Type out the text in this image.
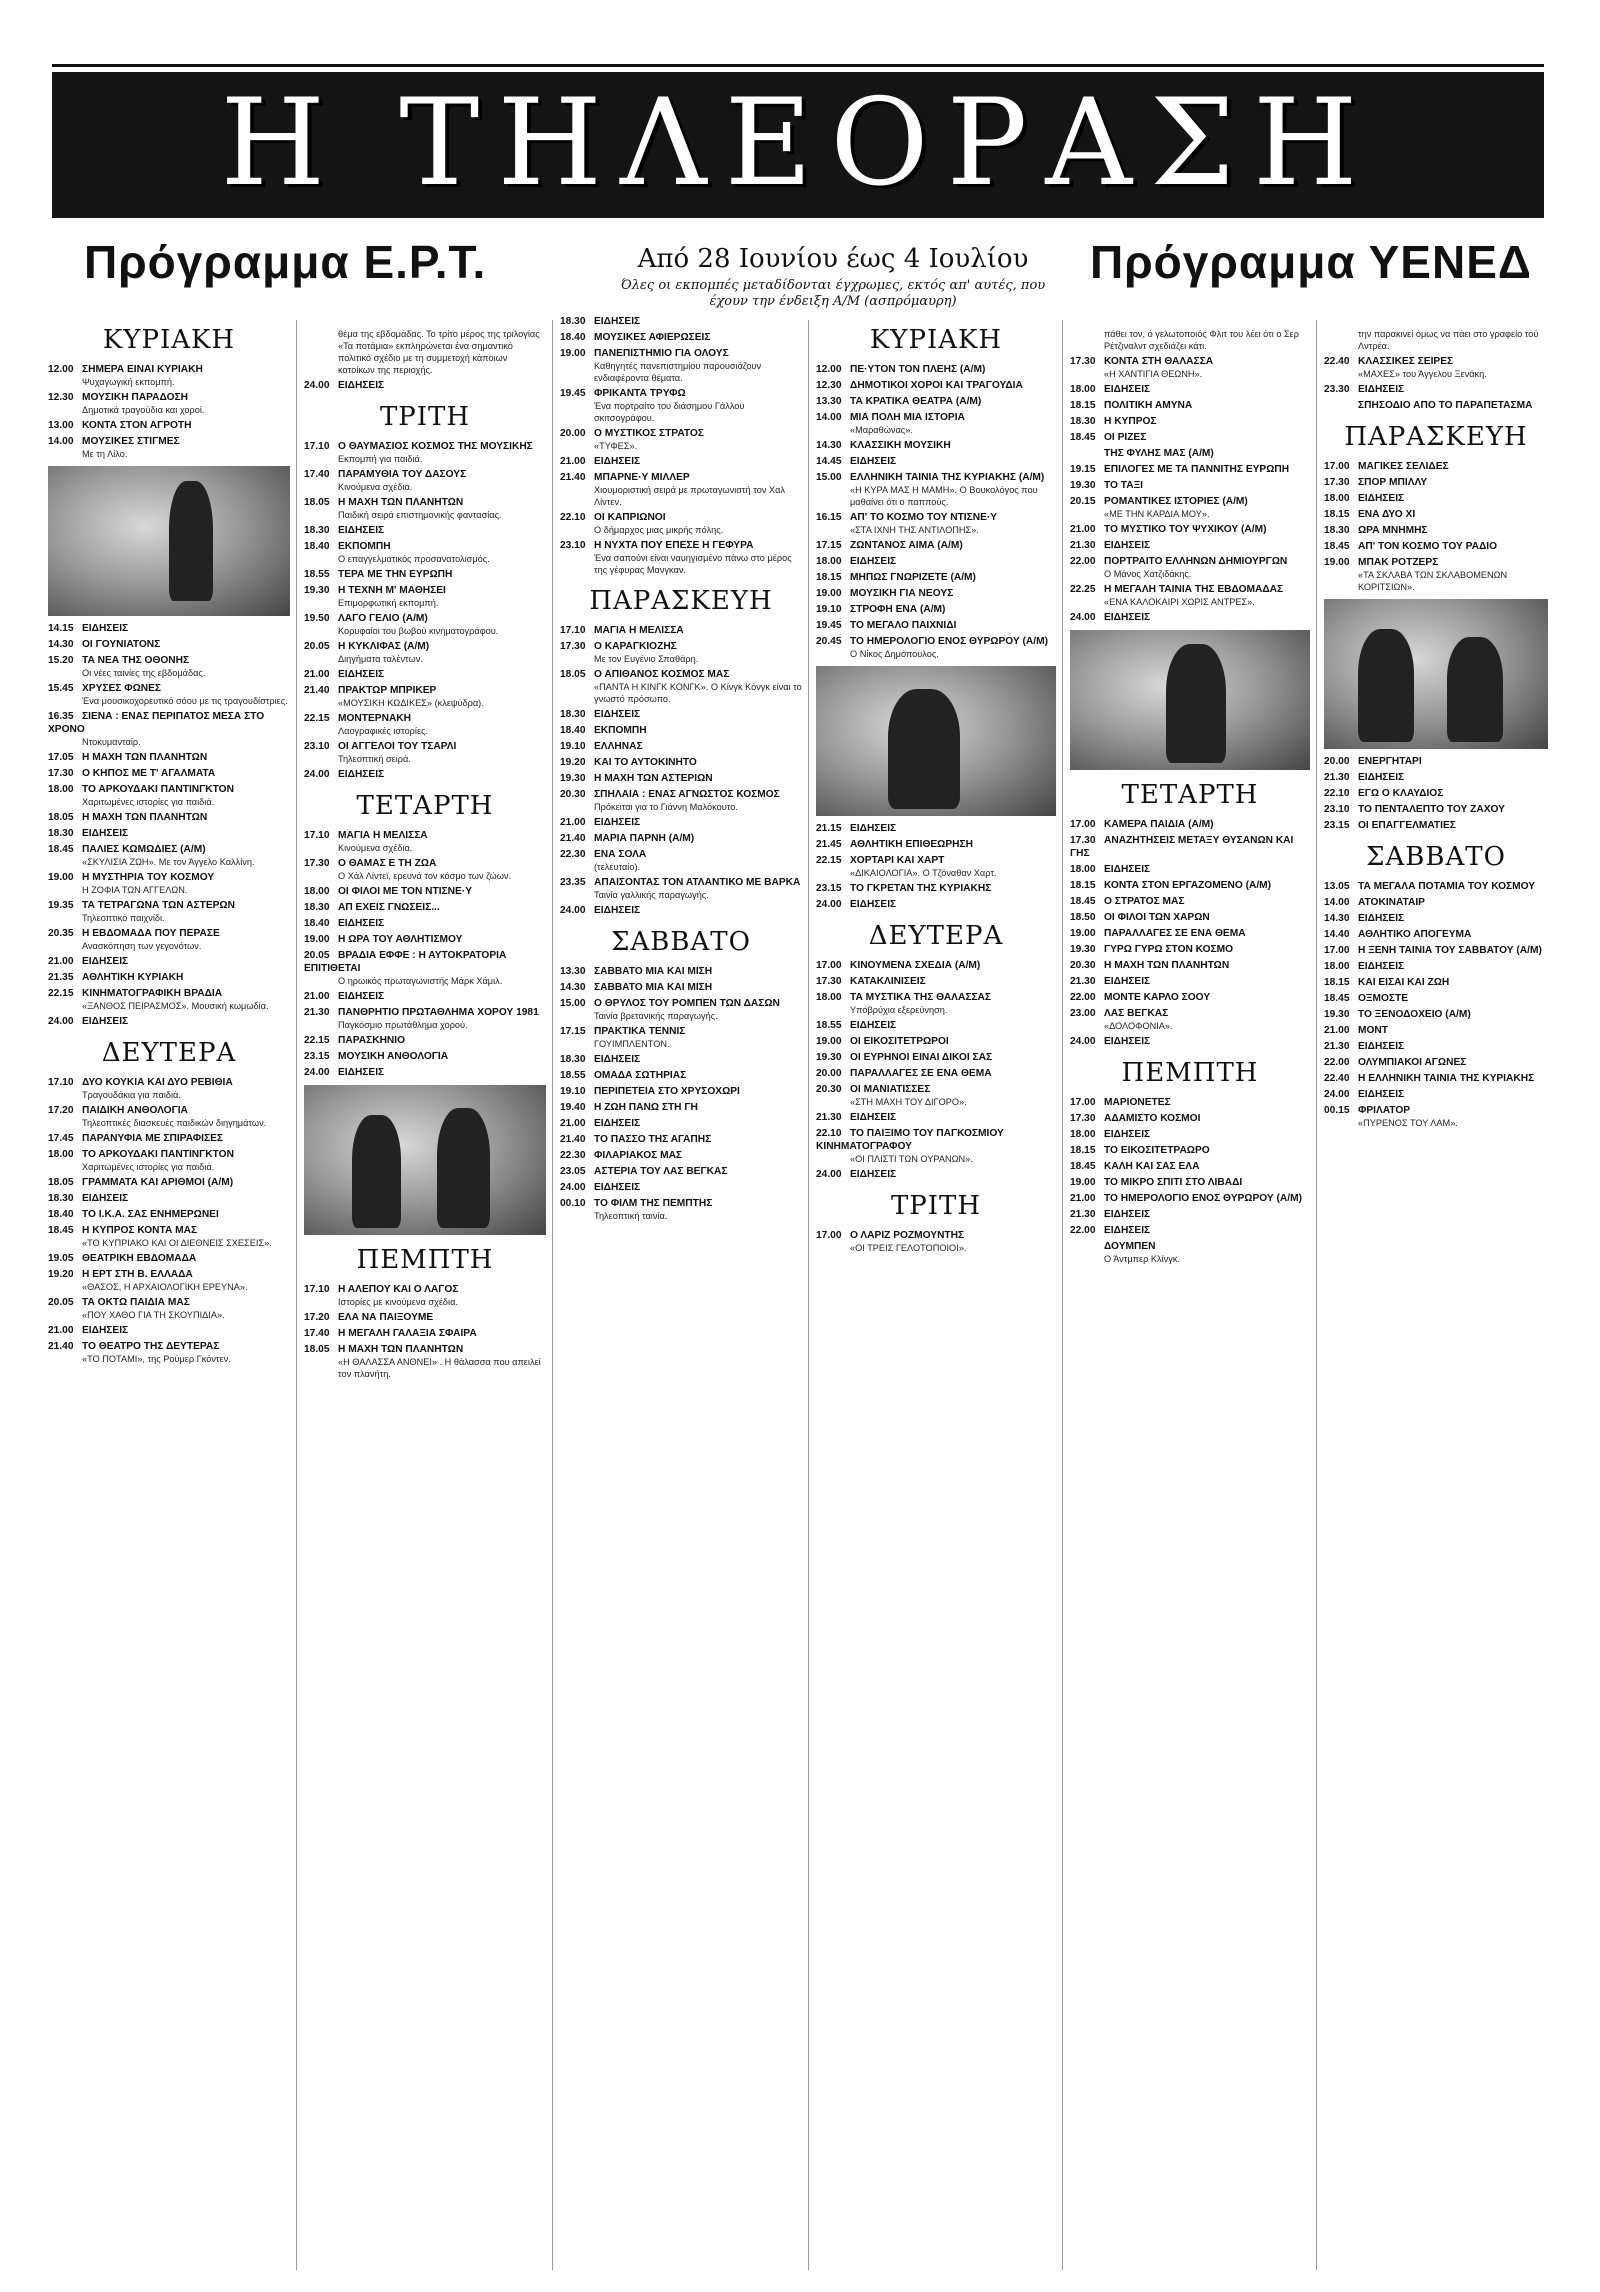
Η ΤΗΛΕΟΡΑΣΗ
Πρόγραμμα Ε.Ρ.Τ.	Από 28 Ιουνίου έως 4 Ιουλίου
Όλες οι εκπομπές μεταδίδονται έγχρωμες, εκτός απ' αυτές, που έχουν την ένδειξη Α/Μ (ασπρόμαυρη)
Πρόγραμμα ΥΕΝΕΔ
ΚΥΡΙΑΚΗ
12.00 ΣΗΜΕΡΑ ΕΙΝΑΙ ΚΥΡΙΑΚΗ
Ψυχαγωγική εκπομπή.
12.30 ΜΟΥΣΙΚΗ ΠΑΡΑΔΟΣΗ
Δημοτικά τραγούδια και χοροί.
13.00 ΚΟΝΤΑ ΣΤΟΝ ΑΓΡΟΤΗ
14.00 ΜΟΥΣΙΚΕΣ ΣΤΙΓΜΕΣ
Με τη Λίλο.
14.15 ΕΙΔΗΣΕΙΣ
14.30 ΟΙ ΓΟΥΝΙΑΤΟΝΣ
15.20 ΤΑ ΝΕΑ ΤΗΣ ΟΘΟΝΗΣ
Οι νέες ταινίες της εβδομάδας.
15.45 ΧΡΥΣΕΣ ΦΩΝΕΣ
Ένα μουσικοχορευτικό σόου με τις τραγουδίστριες.
16.35 ΣΙΕΝΑ : ΕΝΑΣ ΠΕΡΙΠΑΤΟΣ ΜΕΣΑ ΣΤΟ ΧΡΟΝΟ
Ντοκυμανταίρ.
17.05 Η ΜΑΧΗ ΤΩΝ ΠΛΑΝΗΤΩΝ
17.30 Ο ΚΗΠΟΣ ΜΕ Τ' ΑΓΑΛΜΑΤΑ
18.00 ΤΟ ΑΡΚΟΥΔΑΚΙ ΠΑΝΤΙΝΓΚΤΟΝ
Χαριτωμένες ιστορίες για παιδιά.
18.05 Η ΜΑΧΗ ΤΩΝ ΠΛΑΝΗΤΩΝ
18.30 ΕΙΔΗΣΕΙΣ
18.45 ΠΑΛΙΕΣ ΚΩΜΩΔΙΕΣ (Α/Μ)
«ΣΚΥΛΙΣΙΑ ΖΩΗ». Με τον Άγγελο Καλλίνη.
19.00 Η ΜΥΣΤΗΡΙΑ ΤΟΥ ΚΟΣΜΟΥ
Η ΖΟΦΙΑ ΤΩΝ ΑΓΓΕΛΩΝ.
19.35 ΤΑ ΤΕΤΡΑΓΩΝΑ ΤΩΝ ΑΣΤΕΡΩΝ
Τηλεοπτικό παιχνίδι.
20.35 Η ΕΒΔΟΜΑΔΑ ΠΟΥ ΠΕΡΑΣΕ
Ανασκόπηση των γεγονότων.
21.00 ΕΙΔΗΣΕΙΣ
21.35 ΑΘΛΗΤΙΚΗ ΚΥΡΙΑΚΗ
22.15 ΚΙΝΗΜΑΤΟΓΡΑΦΙΚΗ ΒΡΑΔΙΑ
«ΞΑΝΘΟΣ ΠΕΙΡΑΣΜΟΣ». Μουσική κωμωδία.
24.00 ΕΙΔΗΣΕΙΣ
ΔΕΥΤΕΡΑ
17.10 ΔΥΟ ΚΟΥΚΙΑ ΚΑΙ ΔΥΟ ΡΕΒΙΘΙΑ
Τραγουδάκια για παιδιά.
17.20 ΠΑΙΔΙΚΗ ΑΝΘΟΛΟΓΙΑ
Τηλεοπτικές διασκευές παιδικών διηγημάτων.
17.45 ΠΑΡΑΝΥΦΙΑ ΜΕ ΣΠΙΡΑΦΙΣΕΣ
18.00 ΤΟ ΑΡΚΟΥΔΑΚΙ ΠΑΝΤΙΝΓΚΤΟΝ
Χαριτωμένες ιστορίες για παιδιά.
18.05 ΓΡΑΜΜΑΤΑ ΚΑΙ ΑΡΙΘΜΟΙ (Α/Μ)
18.30 ΕΙΔΗΣΕΙΣ
18.40 ΤΟ Ι.Κ.Α. ΣΑΣ ΕΝΗΜΕΡΩΝΕΙ
18.45 Η ΚΥΠΡΟΣ ΚΟΝΤΑ ΜΑΣ
«ΤΟ ΚΥΠΡΙΑΚΟ ΚΑΙ ΟΙ ΔΙΕΘΝΕΙΣ ΣΧΕΣΕΙΣ».
19.05 ΘΕΑΤΡΙΚΗ ΕΒΔΟΜΑΔΑ
19.20 Η ΕΡΤ ΣΤΗ Β. ΕΛΛΑΔΑ
«ΘΑΣΟΣ, Η ΑΡΧΑΙΟΛΟΓΙΚΗ ΕΡΕΥΝΑ».
20.05 ΤΑ ΟΚΤΩ ΠΑΙΔΙΑ ΜΑΣ
«ΠΟΥ ΧΑΘΟ ΓΙΑ ΤΗ ΣΚΟΥΠΙΔΙΑ».
21.00 ΕΙΔΗΣΕΙΣ
21.40 ΤΟ ΘΕΑΤΡΟ ΤΗΣ ΔΕΥΤΕΡΑΣ
«ΤΟ ΠΟΤΑΜΙ», της Ρούμερ Γκόντεν.
θέμα της εβδομάδας. Το τρίτο μέρος της τριλογίας «Τα ποτάμια» εκπληρώνεται ένα σημαντικό πολιτικό σχέδιο με τη συμμετοχή κάποιων κατοίκων της περιοχής.
24.00 ΕΙΔΗΣΕΙΣ
ΤΡΙΤΗ
17.10 Ο ΘΑΥΜΑΣΙΟΣ ΚΟΣΜΟΣ ΤΗΣ ΜΟΥΣΙΚΗΣ
Εκπομπή για παιδιά.
17.40 ΠΑΡΑΜΥΘΙΑ ΤΟΥ ΔΑΣΟΥΣ
Κινούμενα σχέδια.
18.05 Η ΜΑΧΗ ΤΩΝ ΠΛΑΝΗΤΩΝ
Παιδική σειρά επιστημονικής φαντασίας.
18.30 ΕΙΔΗΣΕΙΣ
18.40 ΕΚΠΟΜΠΗ
Ο επαγγελματικός προσανατολισμός.
18.55 ΤΕΡΑ ΜΕ ΤΗΝ ΕΥΡΩΠΗ
19.30 Η ΤΕΧΝΗ Μ' ΜΑΘΗΣΕΙ
Επιμορφωτική εκπομπή.
19.50 ΛΑΓΟ ΓΕΛΙΟ (Α/Μ)
Κορυφαίοι του βωβού κινηματογράφου.
20.05 Η ΚΥΚΛΙΦΑΣ (Α/Μ)
Διηγήματα ταλέντων.
21.00 ΕΙΔΗΣΕΙΣ
21.40 ΠΡΑΚΤΩΡ ΜΠΡΙΚΕΡ
«ΜΟΥΣΙΚΗ ΚΩΔΙΚΕΣ» (κλεψύδρα).
22.15 ΜΟΝΤΕΡΝΑΚΗ
Λαογραφικές ιστορίες.
23.10 ΟΙ ΑΓΓΕΛΟΙ ΤΟΥ ΤΣΑΡΛΙ
Τηλεοπτική σειρά.
24.00 ΕΙΔΗΣΕΙΣ
ΤΕΤΑΡΤΗ
17.10 ΜΑΓΙΑ Η ΜΕΛΙΣΣΑ
Κινούμενα σχέδια.
17.30 Ο ΘΑΜΑΣ Ε ΤΗ ΖΩΑ
Ο Χάλ Λίντεϊ, ερευνά τον κόσμο των ζώων.
18.00 ΟΙ ΦΙΛΟΙ ΜΕ ΤΟΝ ΝΤΙΣΝΕ·Υ
18.30 ΑΠ ΕΧΕΙΣ ΓΝΩΣΕΙΣ...
18.40 ΕΙΔΗΣΕΙΣ
19.00 Η ΩΡΑ ΤΟΥ ΑΘΛΗΤΙΣΜΟΥ
20.05 ΒΡΑΔΙΑ ΕΦΦΕ : Η ΑΥΤΟΚΡΑΤΟΡΙΑ ΕΠΙΤΙΘΕΤΑΙ
Ο ηρωικός πρωταγωνιστής Μάρκ Χάμιλ.
21.00 ΕΙΔΗΣΕΙΣ
21.30 ΠΑΝΘΡΗΤΙΟ ΠΡΩΤΑΘΛΗΜΑ ΧΟΡΟΥ 1981
Παγκόσμιο πρωτάθλημα χορού.
22.15 ΠΑΡΑΣΚΗΝΙΟ
23.15 ΜΟΥΣΙΚΗ ΑΝΘΟΛΟΓΙΑ
24.00 ΕΙΔΗΣΕΙΣ
ΠΕΜΠΤΗ
17.10 Η ΑΛΕΠΟΥ ΚΑΙ Ο ΛΑΓΟΣ
Ιστορίες με κινούμενα σχέδια.
17.20 ΕΛΑ ΝΑ ΠΑΙΞΟΥΜΕ
17.40 Η ΜΕΓΑΛΗ ΓΑΛΑΞΙΑ ΣΦΑΙΡΑ
18.05 Η ΜΑΧΗ ΤΩΝ ΠΛΑΝΗΤΩΝ
«Η ΘΑΛΑΣΣΑ ΑΝΘΝΕΙ» . Η θάλασσα που απειλεί τον πλανήτη.
18.30 ΕΙΔΗΣΕΙΣ
18.40 ΜΟΥΣΙΚΕΣ ΑΦΙΕΡΩΣΕΙΣ
19.00 ΠΑΝΕΠΙΣΤΗΜΙΟ ΓΙΑ ΟΛΟΥΣ
Καθηγητές πανεπιστημίου παρουσιάζουν ενδιαφέροντα θέματα.
19.45 ΦΡΙΚΑΝΤΑ ΤΡΥΦΩ
Ένα πορτραίτο του διάσημου Γάλλου σκιτσογράφου.
20.00 Ο ΜΥΣΤΙΚΟΣ ΣΤΡΑΤΟΣ
«ΤΥΦΕΣ».
21.00 ΕΙΔΗΣΕΙΣ
21.40 ΜΠΑΡΝΕ·Υ ΜΙΛΛΕΡ
Χιουμοριστική σειρά με πρωταγωνιστή τον Χαλ Λίντεν.
22.10 ΟΙ ΚΑΠΡΙΩΝΟΙ
Ο δήμαρχος μιας μικρής πόλης.
23.10 Η ΝΥΧΤΑ ΠΟΥ ΕΠΕΣΕ Η ΓΕΦΥΡΑ
Ένα σαπούνι είναι ναυηγισμένο πάνω στο μέρος της γέφυρας Μανγκαν.
ΠΑΡΑΣΚΕΥΗ
17.10 ΜΑΓΙΑ Η ΜΕΛΙΣΣΑ
17.30 Ο ΚΑΡΑΓΚΙΟΖΗΣ
Με τον Ευγένιο Σπαθάρη.
18.05 Ο ΑΠΙΘΑΝΟΣ ΚΟΣΜΟΣ ΜΑΣ
«ΠΑΝΤΑ Η ΚΙΝΓΚ ΚΟΝΓΚ». Ο Κίνγκ Κόνγκ είναι το γνωστό πρόσωπο.
18.30 ΕΙΔΗΣΕΙΣ
18.40 ΕΚΠΟΜΠΗ
19.10 ΕΛΛΗΝΑΣ
19.20 ΚΑΙ ΤΟ ΑΥΤΟΚΙΝΗΤΟ
19.30 Η ΜΑΧΗ ΤΩΝ ΑΣΤΕΡΙΩΝ
20.30 ΣΠΗΛΑΙΑ : ΕΝΑΣ ΑΓΝΩΣΤΟΣ ΚΟΣΜΟΣ
Πρόκειται για το Γιάννη Μαλόκουτο.
21.00 ΕΙΔΗΣΕΙΣ
21.40 ΜΑΡΙΑ ΠΑΡΝΗ (Α/Μ)
22.30 ΕΝΑ ΣΟΛΑ
(τελευταίο).
23.35 ΑΠΑΙΣΟΝΤΑΣ ΤΟΝ ΑΤΛΑΝΤΙΚΟ ΜΕ ΒΑΡΚΑ
Ταινία γαλλικής παραγωγής.
24.00 ΕΙΔΗΣΕΙΣ
ΣΑΒΒΑΤΟ
13.30 ΣΑΒΒΑΤΟ ΜΙΑ ΚΑΙ ΜΙΣΗ
14.30 ΣΑΒΒΑΤΟ ΜΙΑ ΚΑΙ ΜΙΣΗ
15.00 Ο ΘΡΥΛΟΣ ΤΟΥ ΡΟΜΠΕΝ ΤΩΝ ΔΑΣΩΝ
Ταινία βρετανικής παραγωγής.
17.15 ΠΡΑΚΤΙΚΑ ΤΕΝΝΙΣ
ΓΟΥΙΜΠΛΕΝΤΟΝ.
18.30 ΕΙΔΗΣΕΙΣ
18.55 ΟΜΑΔΑ ΣΩΤΗΡΙΑΣ
19.10 ΠΕΡΙΠΕΤΕΙΑ ΣΤΟ ΧΡΥΣΟΧΩΡΙ
19.40 Η ΖΩΗ ΠΑΝΩ ΣΤΗ ΓΗ
21.00 ΕΙΔΗΣΕΙΣ
21.40 ΤΟ ΠΑΣΣΟ ΤΗΣ ΑΓΑΠΗΣ
22.30 ΦΙΛΑΡΙΑΚΟΣ ΜΑΣ
23.05 ΑΣΤΕΡΙΑ ΤΟΥ ΛΑΣ ΒΕΓΚΑΣ
24.00 ΕΙΔΗΣΕΙΣ
00.10 ΤΟ ΦΙΛΜ ΤΗΣ ΠΕΜΠΤΗΣ
Τηλεοπτική ταινία.
ΚΥΡΙΑΚΗ
12.00 ΠΕ·ΥΤΟΝ ΤΟΝ ΠΛΕΗΣ (Α/Μ)
12.30 ΔΗΜΟΤΙΚΟΙ ΧΟΡΟΙ ΚΑΙ ΤΡΑΓΟΥΔΙΑ
13.30 ΤΑ ΚΡΑΤΙΚΑ ΘΕΑΤΡΑ (Α/Μ)
14.00 ΜΙΑ ΠΟΛΗ ΜΙΑ ΙΣΤΟΡΙΑ
«Μαραθώνας».
14.30 ΚΛΑΣΣΙΚΗ ΜΟΥΣΙΚΗ
14.45 ΕΙΔΗΣΕΙΣ
15.00 ΕΛΛΗΝΙΚΗ ΤΑΙΝΙΑ ΤΗΣ ΚΥΡΙΑΚΗΣ (Α/Μ)
«Η ΚΥΡΑ ΜΑΣ Η ΜΑΜΗ». Ο Βουκολόγος που μαθαίνει ότι ο παππούς.
16.15 ΑΠ' ΤΟ ΚΟΣΜΟ ΤΟΥ ΝΤΙΣΝΕ·Υ
«ΣΤΑ ΙΧΝΗ ΤΗΣ ΑΝΤΙΛΟΠΗΣ».
17.15 ΖΩΝΤΑΝΟΣ ΑΙΜΑ (Α/Μ)
18.00 ΕΙΔΗΣΕΙΣ
18.15 ΜΗΠΩΣ ΓΝΩΡΙΖΕΤΕ (Α/Μ)
19.00 ΜΟΥΣΙΚΗ ΓΙΑ ΝΕΟΥΣ
19.10 ΣΤΡΟΦΗ ΕΝΑ (Α/Μ)
19.45 ΤΟ ΜΕΓΑΛΟ ΠΑΙΧΝΙΔΙ
20.45 ΤΟ ΗΜΕΡΟΛΟΓΙΟ ΕΝΟΣ ΘΥΡΩΡΟΥ (Α/Μ)
Ο Νίκος Δημόπουλος.
21.15 ΕΙΔΗΣΕΙΣ
21.45 ΑΘΛΗΤΙΚΗ ΕΠΙΘΕΩΡΗΣΗ
22.15 ΧΟΡΤΑΡΙ ΚΑΙ ΧΑΡΤ
«ΔΙΚΑΙΟΛΟΓΙΑ». Ο Τζόναθαν Χαρτ.
23.15 ΤΟ ΓΚΡΕΤΑΝ ΤΗΣ ΚΥΡΙΑΚΗΣ
24.00 ΕΙΔΗΣΕΙΣ
ΔΕΥΤΕΡΑ
17.00 ΚΙΝΟΥΜΕΝΑ ΣΧΕΔΙΑ (Α/Μ)
17.30 ΚΑΤΑΚΛΙΝΙΣΕΙΣ
18.00 ΤΑ ΜΥΣΤΙΚΑ ΤΗΣ ΘΑΛΑΣΣΑΣ
Υποβρύχια εξερεύνηση.
18.55 ΕΙΔΗΣΕΙΣ
19.00 ΟΙ ΕΙΚΟΣΙΤΕΤΡΩΡΟΙ
19.30 ΟΙ ΕΥΡΗΝΟΙ ΕΙΝΑΙ ΔΙΚΟΙ ΣΑΣ
20.00 ΠΑΡΑΛΛΑΓΕΣ ΣΕ ΕΝΑ ΘΕΜΑ
20.30 ΟΙ ΜΑΝΙΑΤΙΣΣΕΣ
«ΣΤΗ ΜΑΧΗ ΤΟΥ ΔΙΓΟΡΟ».
21.30 ΕΙΔΗΣΕΙΣ
22.10 ΤΟ ΠΑΙΞΙΜΟ ΤΟΥ ΠΑΓΚΟΣΜΙΟΥ ΚΙΝΗΜΑΤΟΓΡΑΦΟΥ
«ΟΙ ΠΛΙΣΤΙ ΤΩΝ ΟΥΡΑΝΩΝ».
24.00 ΕΙΔΗΣΕΙΣ
ΤΡΙΤΗ
17.00 Ο ΛΑΡΙΖ ΡΟΖΜΟΥΝΤΗΣ
«ΟΙ ΤΡΕΙΣ ΓΕΛΟΤΟΠΟΙΟΙ».
πάθει τον, ό γελωτοποιός Φλιτ του λέει ότι ο Σερ Ρέτζιναλντ σχεδιάζει κάτι.
17.30 ΚΟΝΤΑ ΣΤΗ ΘΑΛΑΣΣΑ
«Η ΧΑΝΤΙΓΙΑ ΘΕΩΝΗ».
18.00 ΕΙΔΗΣΕΙΣ
18.15 ΠΟΛΙΤΙΚΗ ΑΜΥΝΑ
18.30 Η ΚΥΠΡΟΣ
18.45 ΟΙ ΡΙΖΕΣ
ΤΗΣ ΦΥΛΗΣ ΜΑΣ (Α/Μ)
19.15 ΕΠΙΛΟΓΕΣ ΜΕ ΤΑ ΠΑΝΝΙΤΗΣ ΕΥΡΩΠΗ
19.30 ΤΟ ΤΑΞΙ
20.15 ΡΟΜΑΝΤΙΚΕΣ ΙΣΤΟΡΙΕΣ (Α/Μ)
«ΜΕ ΤΗΝ ΚΑΡΔΙΑ ΜΟΥ».
21.00 ΤΟ ΜΥΣΤΙΚΟ ΤΟΥ ΨΥΧΙΚΟΥ (Α/Μ)
21.30 ΕΙΔΗΣΕΙΣ
22.00 ΠΟΡΤΡΑΙΤΟ ΕΛΛΗΝΩΝ ΔΗΜΙΟΥΡΓΩΝ
Ο Μάνος Χατζιδάκης.
22.25 Η ΜΕΓΑΛΗ ΤΑΙΝΙΑ ΤΗΣ ΕΒΔΟΜΑΔΑΣ
«ΕΝΑ ΚΑΛΟΚΑΙΡΙ ΧΩΡΙΣ ΑΝΤΡΕΣ».
24.00 ΕΙΔΗΣΕΙΣ
ΤΕΤΑΡΤΗ
17.00 ΚΑΜΕΡΑ ΠΑΙΔΙΑ (Α/Μ)
17.30 ΑΝΑΖΗΤΗΣΕΙΣ ΜΕΤΑΞΥ ΘΥΣΑΝΩΝ ΚΑΙ ΓΗΣ
18.00 ΕΙΔΗΣΕΙΣ
18.15 ΚΟΝΤΑ ΣΤΟΝ ΕΡΓΑΖΟΜΕΝΟ (Α/Μ)
18.45 Ο ΣΤΡΑΤΟΣ ΜΑΣ
18.50 ΟΙ ΦΙΛΟΙ ΤΩΝ ΧΑΡΩΝ
19.00 ΠΑΡΑΛΛΑΓΕΣ ΣΕ ΕΝΑ ΘΕΜΑ
19.30 ΓΥΡΩ ΓΥΡΩ ΣΤΟΝ ΚΟΣΜΟ
20.30 Η ΜΑΧΗ ΤΩΝ ΠΛΑΝΗΤΩΝ
21.30 ΕΙΔΗΣΕΙΣ
22.00 ΜΟΝΤΕ ΚΑΡΛΟ ΣΟΟΥ
23.00 ΛΑΣ ΒΕΓΚΑΣ
«ΔΟΛΟΦΟΝΙΑ».
24.00 ΕΙΔΗΣΕΙΣ
ΠΕΜΠΤΗ
17.00 ΜΑΡΙΟΝΕΤΕΣ
17.30 ΑΔΑΜΙΣΤΟ ΚΟΣΜΟΙ
18.00 ΕΙΔΗΣΕΙΣ
18.15 ΤΟ ΕΙΚΟΣΙΤΕΤΡΑΩΡΟ
18.45 ΚΑΛΗ ΚΑΙ ΣΑΣ ΕΛΑ
19.00 ΤΟ ΜΙΚΡΟ ΣΠΙΤΙ ΣΤΟ ΛΙΒΑΔΙ
21.00 ΤΟ ΗΜΕΡΟΛΟΓΙΟ ΕΝΟΣ ΘΥΡΩΡΟΥ (Α/Μ)
21.30 ΕΙΔΗΣΕΙΣ
22.00 ΕΙΔΗΣΕΙΣ
ΔΟΥΜΠΕΝ
Ο Άντμπερ Κλίνγκ.
την παρακινεί όμως να πάει στο γραφείο τού Λντρέα.
22.40 ΚΛΑΣΣΙΚΕΣ ΣΕΙΡΕΣ
«ΜΑΧΕΣ» του Άγγελου Ξενάκη.
23.30 ΕΙΔΗΣΕΙΣ
ΣΠΗΣΟΔΙΟ ΑΠΟ ΤΟ ΠΑΡΑΠΕΤΑΣΜΑ
ΠΑΡΑΣΚΕΥΗ
17.00 ΜΑΓΙΚΕΣ ΣΕΛΙΔΕΣ
17.30 ΣΠΟΡ ΜΠΙΛΛΥ
18.00 ΕΙΔΗΣΕΙΣ
18.15 ΕΝΑ ΔΥΟ ΧΙ
18.30 ΩΡΑ ΜΝΗΜΗΣ
18.45 ΑΠ' ΤΟΝ ΚΟΣΜΟ ΤΟΥ ΡΑΔΙΟ
19.00 ΜΠΑΚ ΡΟΤΖΕΡΣ
«ΤΑ ΣΚΛΑΒΑ ΤΩΝ ΣΚΛΑΒΟΜΕΝΩΝ ΚΟΡΙΤΣΙΩΝ».
20.00 ΕΝΕΡΓΗΤΑΡΙ
21.30 ΕΙΔΗΣΕΙΣ
22.10 ΕΓΩ Ο ΚΛΑΥΔΙΟΣ
23.10 ΤΟ ΠΕΝΤΑΛΕΠΤΟ ΤΟΥ ΖΑΧΟΥ
23.15 ΟΙ ΕΠΑΓΓΕΛΜΑΤΙΕΣ
ΣΑΒΒΑΤΟ
13.05 ΤΑ ΜΕΓΑΛΑ ΠΟΤΑΜΙΑ ΤΟΥ ΚΟΣΜΟΥ
14.00 ΑΤΟΚΙΝΑΤΑΙΡ
14.30 ΕΙΔΗΣΕΙΣ
14.40 ΑΘΛΗΤΙΚΟ ΑΠΟΓΕΥΜΑ
17.00 Η ΞΕΝΗ ΤΑΙΝΙΑ ΤΟΥ ΣΑΒΒΑΤΟΥ (Α/Μ)
18.00 ΕΙΔΗΣΕΙΣ
18.15 ΚΑΙ ΕΙΣΑΙ ΚΑΙ ΖΩΗ
18.45 ΟΞΜΟΣΤΕ
19.30 ΤΟ ΞΕΝΟΔΟΧΕΙΟ (Α/Μ)
21.00 ΜΟΝΤ
21.30 ΕΙΔΗΣΕΙΣ
22.00 ΟΛΥΜΠΙΑΚΟΙ ΑΓΩΝΕΣ
22.40 Η ΕΛΛΗΝΙΚΗ ΤΑΙΝΙΑ ΤΗΣ ΚΥΡΙΑΚΗΣ
24.00 ΕΙΔΗΣΕΙΣ
00.15 ΦΡΙΛΑΤΟΡ
«ΠΥΡΕΝΟΣ ΤΟΥ ΛΑΜ».
